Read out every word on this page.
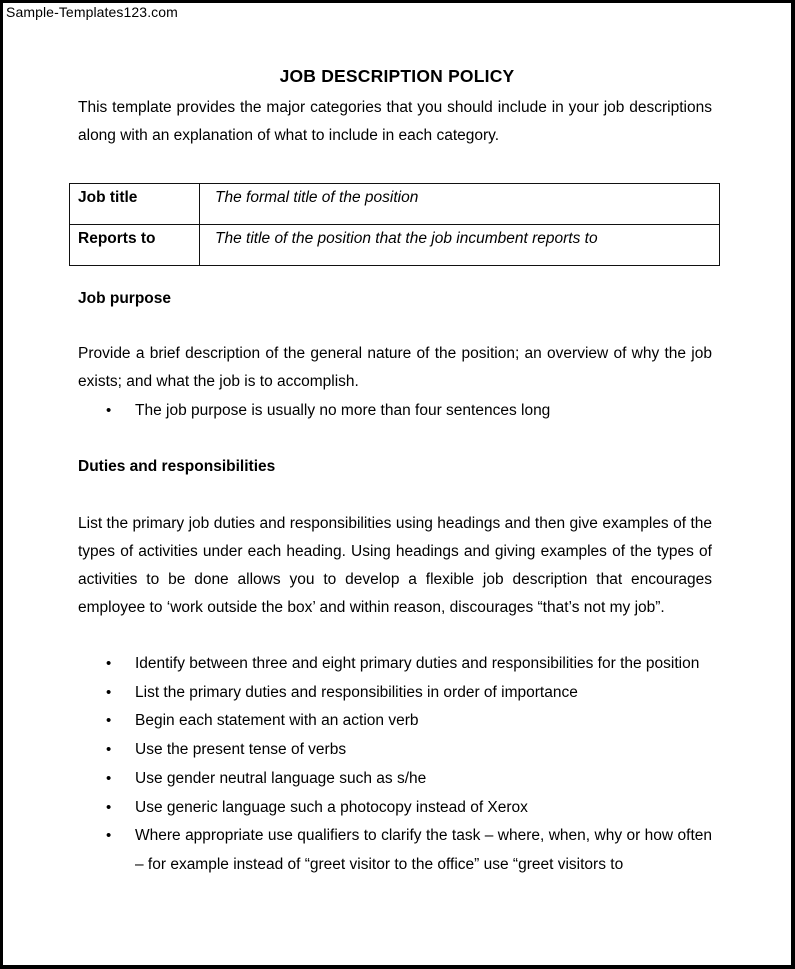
Sample-Templates123.com
JOB DESCRIPTION POLICY
This template provides the major categories that you should include in your job descriptions along with an explanation of what to include in each category.
Job title	The formal title of the position
Reports to	The title of the position that the job incumbent reports to
Job purpose
Provide a brief description of the general nature of the position; an overview of why the job exists; and what the job is to accomplish.
• The job purpose is usually no more than four sentences long
Duties and responsibilities
List the primary job duties and responsibilities using headings and then give examples of the types of activities under each heading. Using headings and giving examples of the types of activities to be done allows you to develop a flexible job description that encourages employee to ‘work outside the box’ and within reason, discourages “that’s not my job”.
• Identify between three and eight primary duties and responsibilities for the position
• List the primary duties and responsibilities in order of importance
• Begin each statement with an action verb
• Use the present tense of verbs
• Use gender neutral language such as s/he
• Use generic language such a photocopy instead of Xerox
• Where appropriate use qualifiers to clarify the task – where, when, why or how often – for example instead of “greet visitor to the office” use “greet visitors to
